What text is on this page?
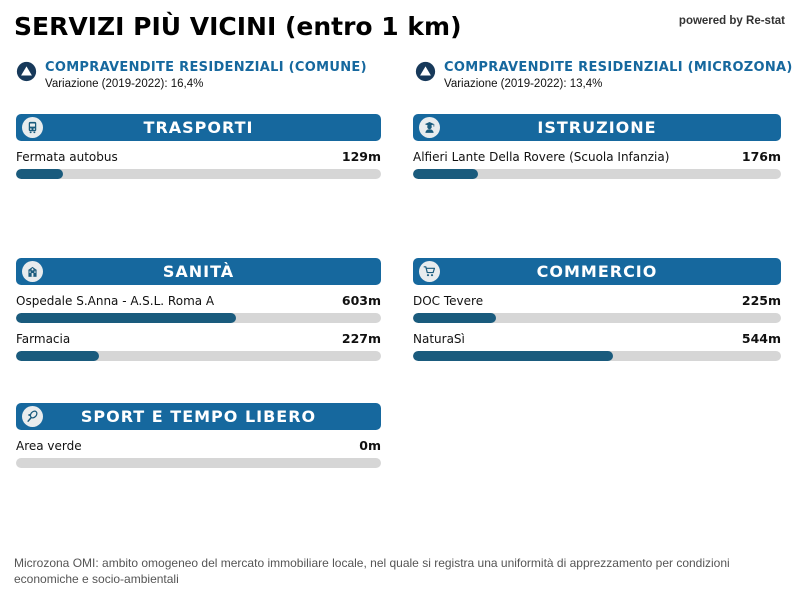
SERVIZI PIÙ VICINI (entro 1 km)	powered by Re-stat
COMPRAVENDITE RESIDENZIALI (COMUNE)
Variazione (2019-2022): 16,4%
COMPRAVENDITE RESIDENZIALI (MICROZONA)
Variazione (2019-2022): 13,4%
TRASPORTI
Fermata autobus	129m
ISTRUZIONE
Alfieri Lante Della Rovere (Scuola Infanzia)	176m
SANITÀ
Ospedale S.Anna - A.S.L. Roma A	603m
Farmacia	227m
COMMERCIO
DOC Tevere	225m
NaturaSì	544m
SPORT E TEMPO LIBERO
Area verde	0m
Microzona OMI: ambito omogeneo del mercato immobiliare locale, nel quale si registra una uniformità di apprezzamento per condizioni economiche e socio-ambientali
